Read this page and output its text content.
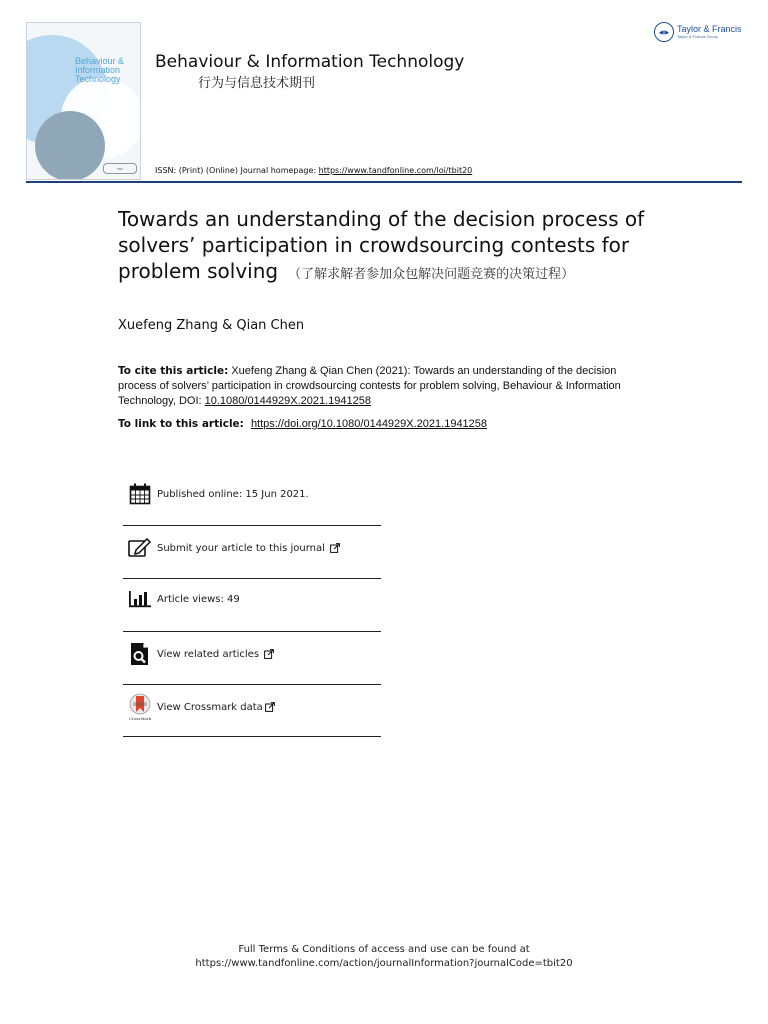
Behaviour &
Information
Technology
T&F
Behaviour & Information Technology
行为与信息技术期刊
ISSN: (Print) (Online) Journal homepage: https://www.tandfonline.com/loi/tbit20
Taylor & Francis
Taylor & Francis Group
Towards an understanding of the decision process of solvers’ participation in crowdsourcing contests for problem solving （了解求解者参加众包解决问题竞赛的决策过程）
Xuefeng Zhang & Qian Chen
To cite this article: Xuefeng Zhang & Qian Chen (2021): Towards an understanding of the decision process of solvers’ participation in crowdsourcing contests for problem solving, Behaviour & Information Technology, DOI: 10.1080/0144929X.2021.1941258
To link to this article: https://doi.org/10.1080/0144929X.2021.1941258
Published online: 15 Jun 2021.
Submit your article to this journal
Article views: 49
View related articles
CrossMark
View Crossmark data
Full Terms & Conditions of access and use can be found at
https://www.tandfonline.com/action/journalInformation?journalCode=tbit20
